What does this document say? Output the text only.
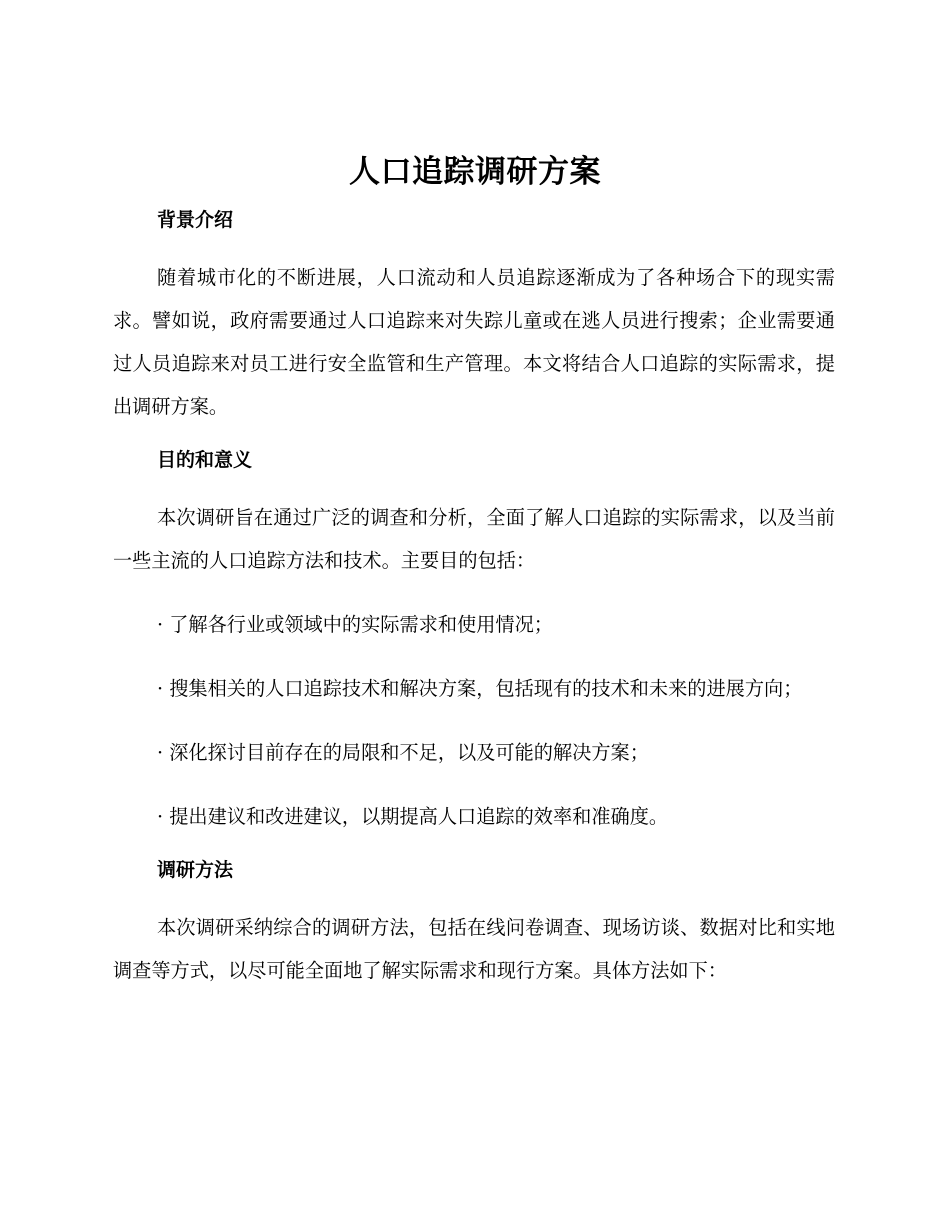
人口追踪调研方案

背景介绍

随着城市化的不断进展，人口流动和人员追踪逐渐成为了各种场合下的现实需求。譬如说，政府需要通过人口追踪来对失踪儿童或在逃人员进行搜索；企业需要通过人员追踪来对员工进行安全监管和生产管理。本文将结合人口追踪的实际需求，提出调研方案。

目的和意义

本次调研旨在通过广泛的调查和分析，全面了解人口追踪的实际需求，以及当前一些主流的人口追踪方法和技术。主要目的包括：

· 了解各行业或领域中的实际需求和使用情况；

· 搜集相关的人口追踪技术和解决方案，包括现有的技术和未来的进展方向；

· 深化探讨目前存在的局限和不足，以及可能的解决方案；

· 提出建议和改进建议，以期提高人口追踪的效率和准确度。

调研方法

本次调研采纳综合的调研方法，包括在线问卷调查、现场访谈、数据对比和实地调查等方式，以尽可能全面地了解实际需求和现行方案。具体方法如下：
